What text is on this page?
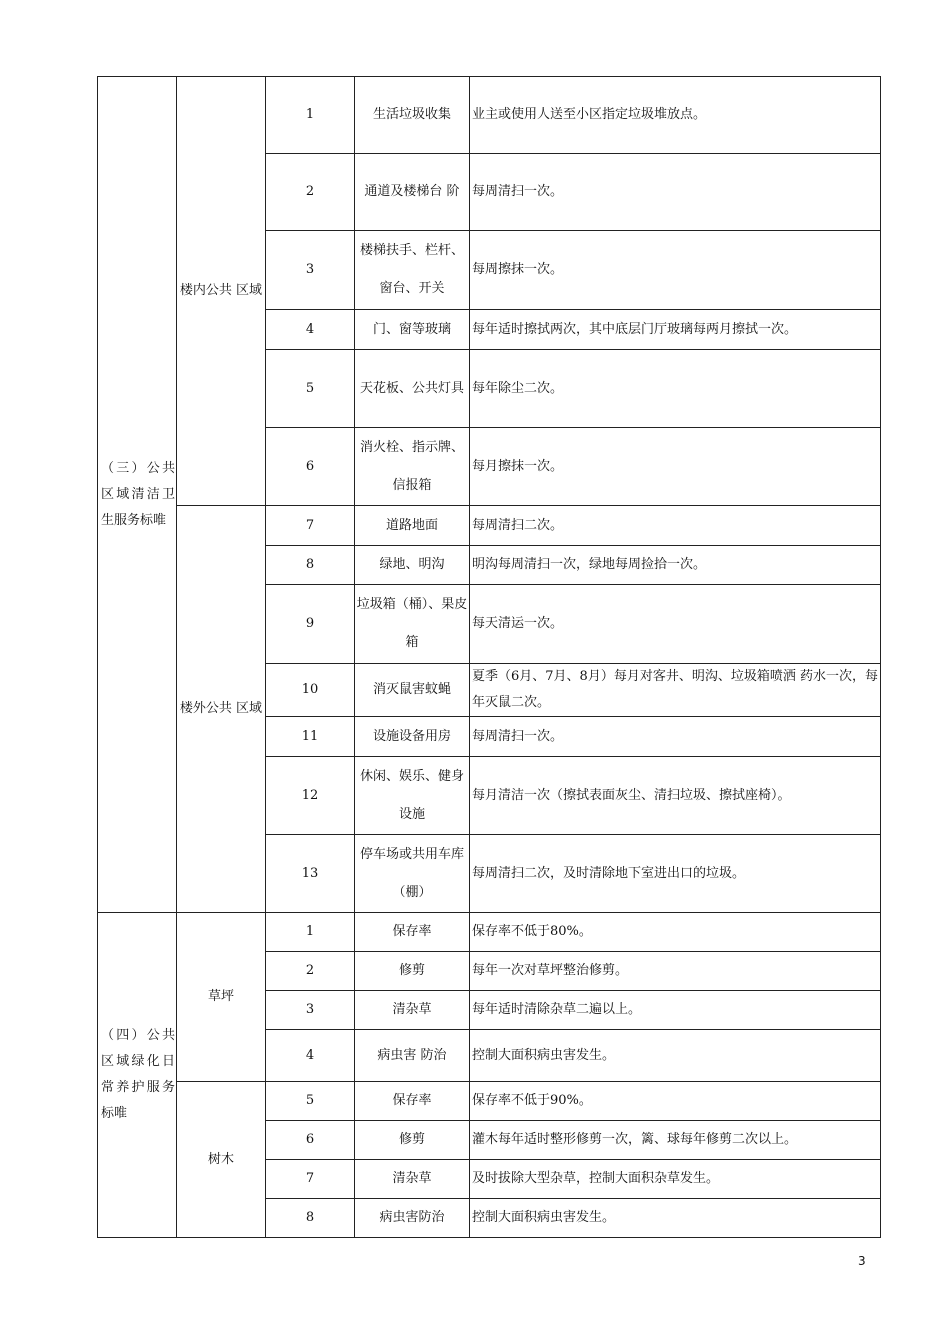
（三）公共区域清洁卫生服务标唯	楼内公共 区域	1	生活垃圾收集	业主或使用人送至小区指定垃圾堆放点。
		2	通道及楼梯台 阶	每周清扫一次。
		3	楼梯扶手、栏杆、窗台、开关	每周擦抹一次。
		4	门、窗等玻璃	每年适时擦拭两次，其中底层门厅玻璃每两月擦拭一次。
		5	天花板、公共灯具	每年除尘二次。
		6	消火栓、指示牌、信报箱	每月擦抹一次。
	楼外公共 区域	7	道路地面	每周清扫二次。
		8	绿地、明沟	明沟每周清扫一次，绿地每周捡拾一次。
		9	垃圾箱（桶）、果皮箱	每天清运一次。
		10	消灭鼠害蚊蝇	夏季（6月、7月、8月）每月对客井、明沟、垃圾箱喷洒 药水一次，每年灭鼠二次。
		11	设施设备用房	每周清扫一次。
		12	休闲、娱乐、健身设施	每月清洁一次（擦拭表面灰尘、清扫垃圾、擦拭座椅）。
		13	停车场或共用车库（棚）	每周清扫二次，及时清除地下室进出口的垃圾。
（四）公共区域绿化日常养护服务标唯	草坪	1	保存率	保存率不低于80%。
		2	修剪	每年一次对草坪整治修剪。
		3	清杂草	每年适时清除杂草二遍以上。
		4	病虫害 防治	控制大面积病虫害发生。
	树木	5	保存率	保存率不低于90%。
		6	修剪	灌木每年适时整形修剪一次，篱、球每年修剪二次以上。
		7	清杂草	及时拔除大型杂草，控制大面积杂草发生。
		8	病虫害防治	控制大面积病虫害发生。
3
